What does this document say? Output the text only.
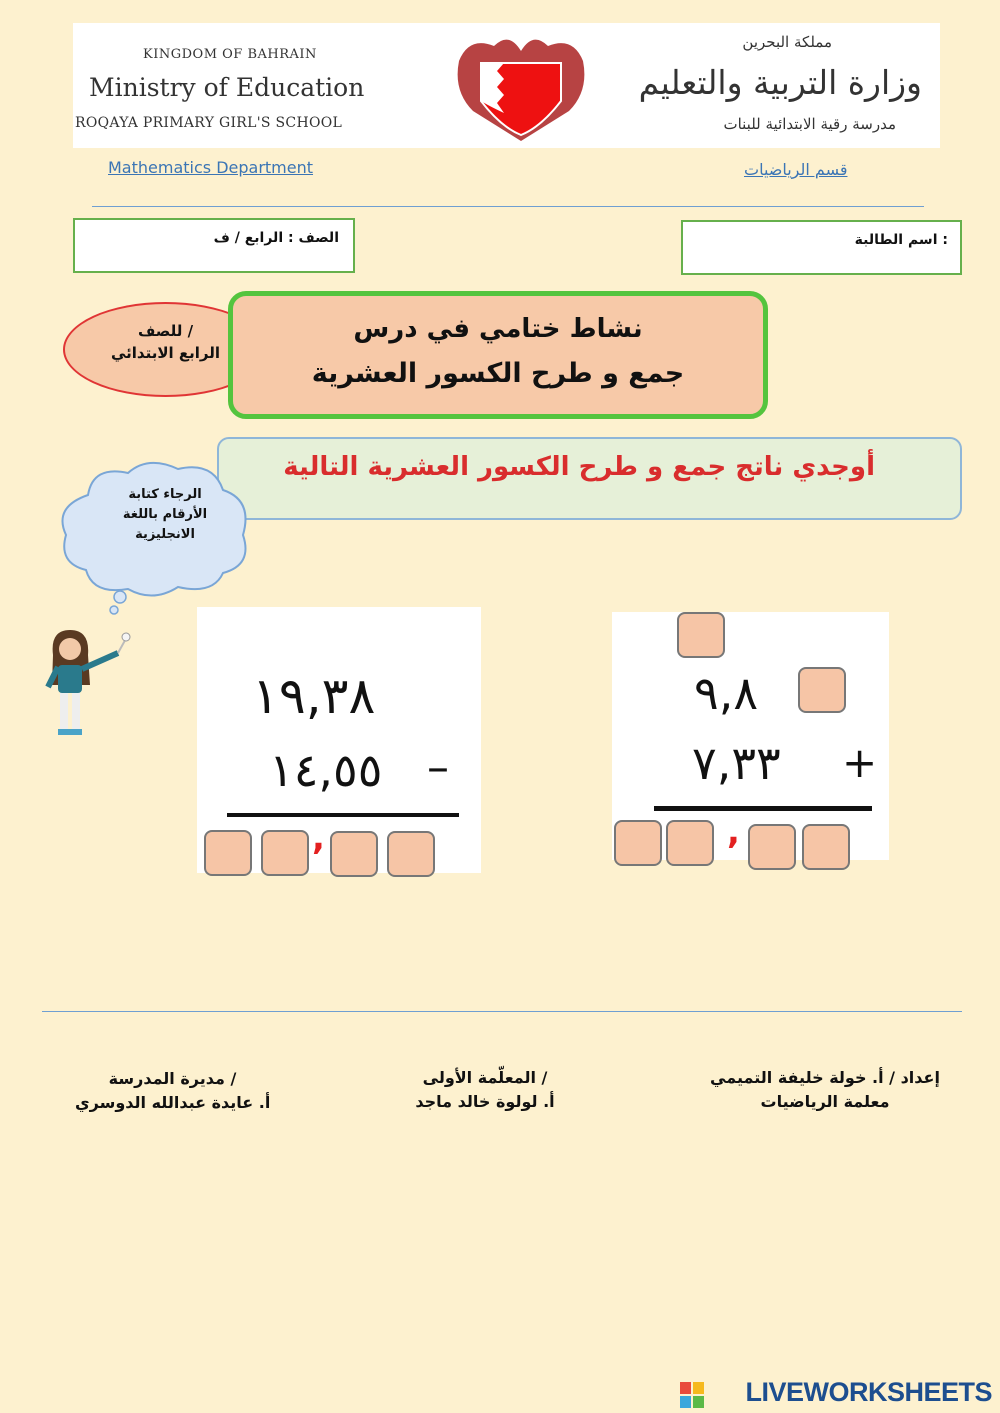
KINGDOM OF BAHRAIN
Ministry of Education
ROQAYA PRIMARY GIRL'S SCHOOL
مملكة البحرين
وزارة التربية والتعليم
مدرسة رقية الابتدائية للبنات
Mathematics Department	قسم الرياضيات
الصف : الرابع / ف	اسم الطالبة :
للصف /
الرابع الابتدائي
نشاط ختامي في درس
جمع و طرح الكسور العشرية
أوجدي ناتج جمع و طرح الكسور العشرية التالية
الرجاء كتابة الأرقام باللغة الانجليزية
١٩,٣٨
١٤,٥٥ –
,
٩,٨
٧,٣٣ +
,
مديرة المدرسة /
أ. عايدة عبدالله الدوسري
المعلّمة الأولى /
أ. لولوة خالد ماجد
إعداد / أ. خولة خليفة التميمي
معلمة الرياضيات
LIVEWORKSHEETS
